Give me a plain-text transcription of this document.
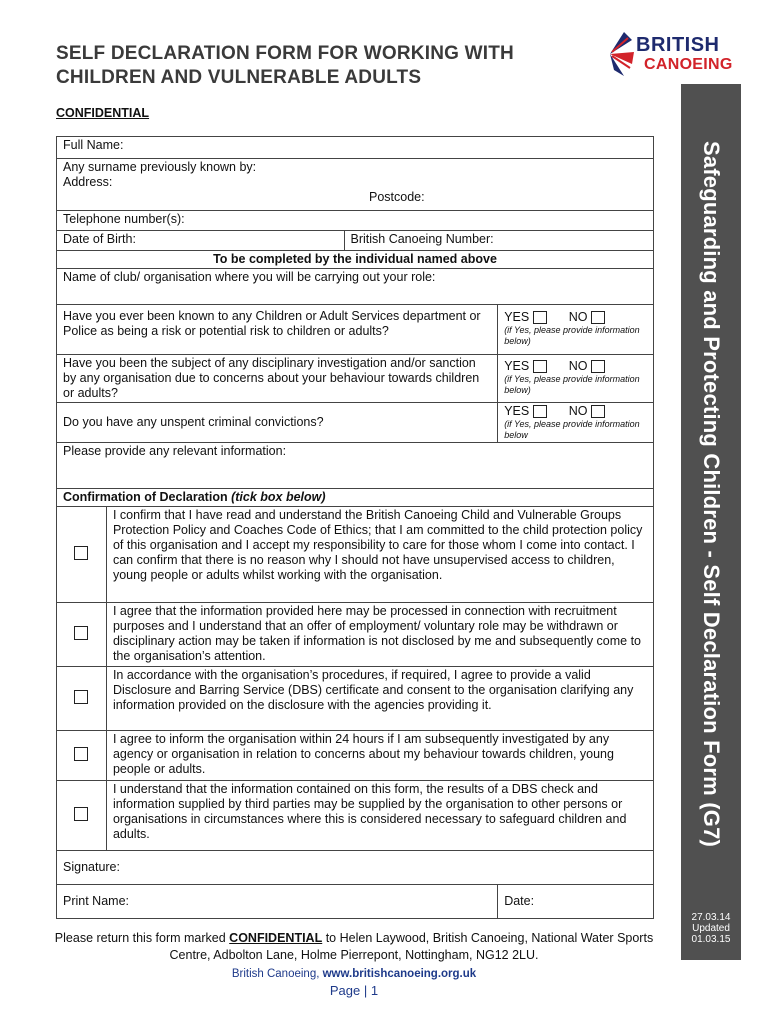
SELF DECLARATION FORM FOR WORKING WITH
CHILDREN AND VULNERABLE ADULTS
BRITISH
CANOEING
CONFIDENTIAL
Safeguarding and Protecting Children - Self Declaration Form (G7)
27.03.14
Updated
01.03.15
Full Name:			

Any surname previously known by:
Address:
Postcode:			

Telephone number(s):			
Date of Birth:		British Canoeing Number:	
To be completed by the individual named above			
Name of club/ organisation where you will be carrying out your role:			
Have you ever been known to any Children or Adult Services department or Police as being a risk or potential risk to children or adults?			YES NO
(if Yes, please provide information below)

Have you been the subject of any disciplinary investigation and/or sanction by any organisation due to concerns about your behaviour towards children or adults?			YES NO
(if Yes, please provide information below)

Do you have any unspent criminal convictions?			YES NO
(if Yes, please provide information below

Please provide any relevant information:			
Confirmation of Declaration (tick box below)			
	I confirm that I have read and understand the British Canoeing Child and Vulnerable Groups Protection Policy and Coaches Code of Ethics; that I am committed to the child protection policy of this organisation and I accept my responsibility to care for those whom I come into contact. I can confirm that there is no reason why I should not have unsupervised access to children, young people or adults whilst working with the organisation.		
	I agree that the information provided here may be processed in connection with recruitment purposes and I understand that an offer of employment/ voluntary role may be withdrawn or disciplinary action may be taken if information is not disclosed by me and subsequently come to the organisation’s attention.		
	In accordance with the organisation’s procedures, if required, I agree to provide a valid Disclosure and Barring Service (DBS) certificate and consent to the organisation clarifying any information provided on the disclosure with the agencies providing it.		
	I agree to inform the organisation within 24 hours if I am subsequently investigated by any agency or organisation in relation to concerns about my behaviour towards children, young people or adults.		
	I understand that the information contained on this form, the results of a DBS check and information supplied by third parties may be supplied by the organisation to other persons or organisations in circumstances where this is considered necessary to safeguard children and adults.		
Signature:			
Print Name:			Date:
Please return this form marked CONFIDENTIAL to Helen Laywood, British Canoeing, National Water Sports Centre, Adbolton Lane, Holme Pierrepont, Nottingham, NG12 2LU.
British Canoeing, www.britishcanoeing.org.uk
Page | 1
